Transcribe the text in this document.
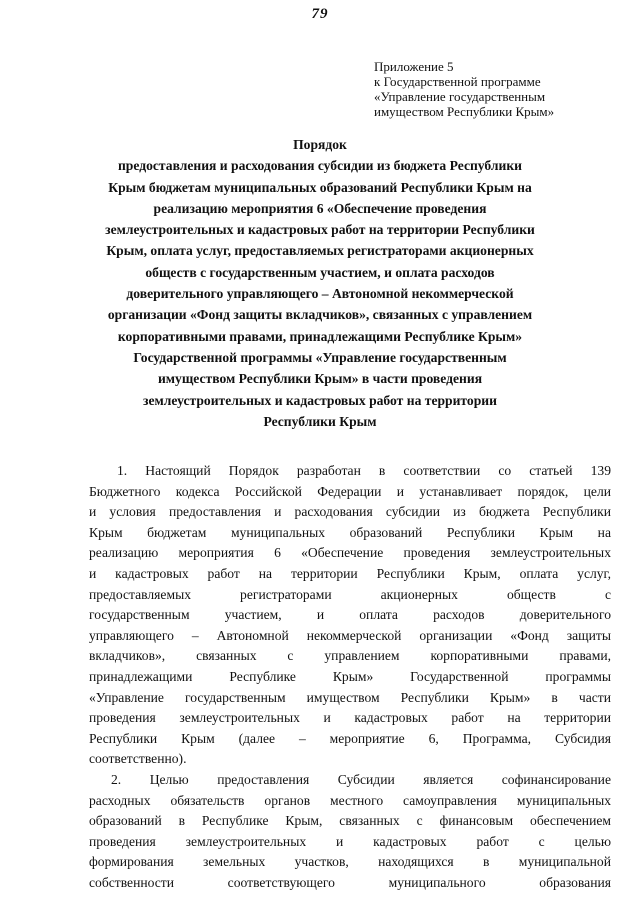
79
Приложение 5
к Государственной программе
«Управление государственным
имуществом Республики Крым»
Порядок
предоставления и расходования субсидии из бюджета Республики
Крым бюджетам муниципальных образований Республики Крым на
реализацию мероприятия 6 «Обеспечение проведения
землеустроительных и кадастровых работ на территории Республики
Крым, оплата услуг, предоставляемых регистраторами акционерных
обществ с государственным участием, и оплата расходов
доверительного управляющего – Автономной некоммерческой
организации «Фонд защиты вкладчиков», связанных с управлением
корпоративными правами, принадлежащими Республике Крым»
Государственной программы «Управление государственным
имуществом Республики Крым» в части проведения
землеустроительных и кадастровых работ на территории
Республики Крым
1. Настоящий Порядок разработан в соответствии со статьей 139
Бюджетного кодекса Российской Федерации и устанавливает порядок, цели
и условия предоставления и расходования субсидии из бюджета Республики
Крым бюджетам муниципальных образований Республики Крым на
реализацию мероприятия 6 «Обеспечение проведения землеустроительных
и кадастровых работ на территории Республики Крым, оплата услуг,
предоставляемых регистраторами акционерных обществ с
государственным участием, и оплата расходов доверительного
управляющего – Автономной некоммерческой организации «Фонд защиты
вкладчиков», связанных с управлением корпоративными правами,
принадлежащими Республике Крым» Государственной программы
«Управление государственным имуществом Республики Крым» в части
проведения землеустроительных и кадастровых работ на территории
Республики Крым (далее – мероприятие 6, Программа, Субсидия
соответственно).
2. Целью предоставления Субсидии является софинансирование
расходных обязательств органов местного самоуправления муниципальных
образований в Республике Крым, связанных с финансовым обеспечением
проведения землеустроительных и кадастровых работ с целью
формирования земельных участков, находящихся в муниципальной
собственности соответствующего муниципального образования
